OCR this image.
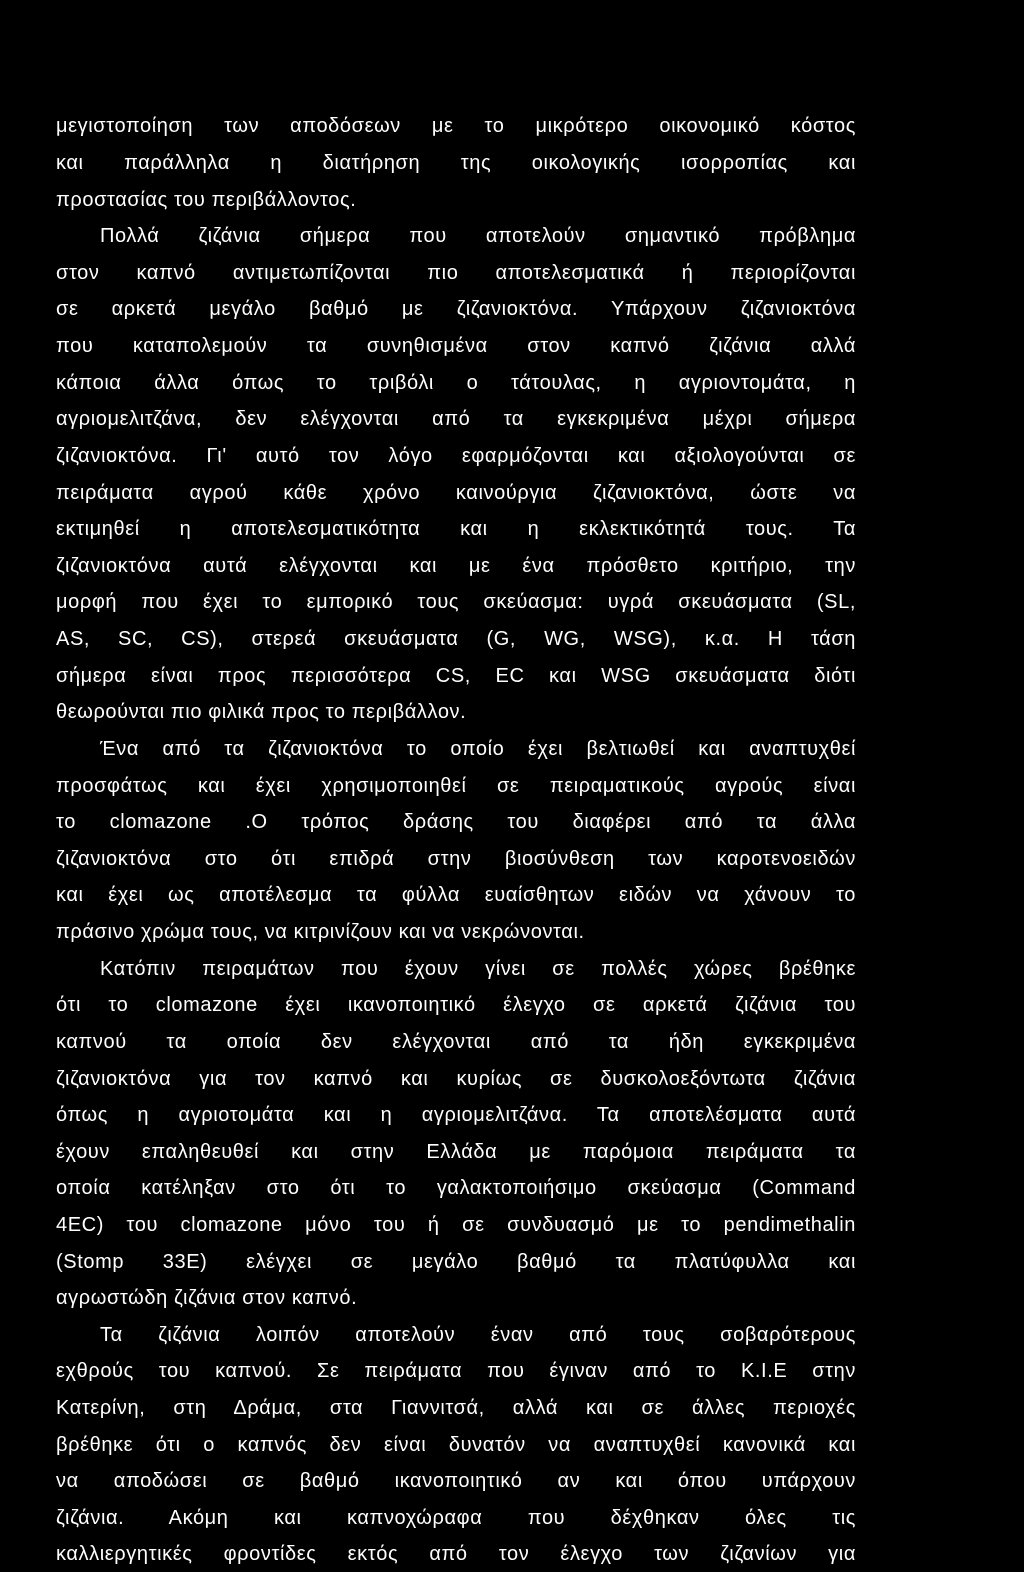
μεγιστοποίηση των αποδόσεων με το μικρότερο οικονομικό κόστος
και παράλληλα η διατήρηση της οικολογικής ισορροπίας και
προστασίας του περιβάλλοντος.
Πολλά ζιζάνια σήμερα που αποτελούν σημαντικό πρόβλημα
στον καπνό αντιμετωπίζονται πιο αποτελεσματικά ή περιορίζονται
σε αρκετά μεγάλο βαθμό με ζιζανιοκτόνα. Υπάρχουν ζιζανιοκτόνα
που καταπολεμούν τα συνηθισμένα στον καπνό ζιζάνια αλλά
κάποια άλλα όπως το τριβόλι ο τάτουλας, η αγριοντομάτα, η
αγριομελιτζάνα, δεν ελέγχονται από τα εγκεκριμένα μέχρι σήμερα
ζιζανιοκτόνα. Γι' αυτό τον λόγο εφαρμόζονται και αξιολογούνται σε
πειράματα αγρού κάθε χρόνο καινούργια ζιζανιοκτόνα, ώστε να
εκτιμηθεί η αποτελεσματικότητα και η εκλεκτικότητά τους. Τα
ζιζανιοκτόνα αυτά ελέγχονται και με ένα πρόσθετο κριτήριο, την
μορφή που έχει το εμπορικό τους σκεύασμα: υγρά σκευάσματα (SL,
AS, SC, CS), στερεά σκευάσματα (G, WG, WSG), κ.α. Η τάση
σήμερα είναι προς περισσότερα CS, EC και WSG σκευάσματα διότι
θεωρούνται πιο φιλικά προς το περιβάλλον.
Ένα από τα ζιζανιοκτόνα το οποίο έχει βελτιωθεί και αναπτυχθεί
προσφάτως και έχει χρησιμοποιηθεί σε πειραματικούς αγρούς είναι
το clomazone .Ο τρόπος δράσης του διαφέρει από τα άλλα
ζιζανιοκτόνα στο ότι επιδρά στην βιοσύνθεση των καροτενοειδών
και έχει ως αποτέλεσμα τα φύλλα ευαίσθητων ειδών να χάνουν το
πράσινο χρώμα τους, να κιτρινίζουν και να νεκρώνονται.
Κατόπιν πειραμάτων που έχουν γίνει σε πολλές χώρες βρέθηκε
ότι το clomazone έχει ικανοποιητικό έλεγχο σε αρκετά ζιζάνια του
καπνού τα οποία δεν ελέγχονται από τα ήδη εγκεκριμένα
ζιζανιοκτόνα για τον καπνό και κυρίως σε δυσκολοεξόντωτα ζιζάνια
όπως η αγριοτομάτα και η αγριομελιτζάνα. Τα αποτελέσματα αυτά
έχουν επαληθευθεί και στην Ελλάδα με παρόμοια πειράματα τα
οποία κατέληξαν στο ότι το γαλακτοποιήσιμο σκεύασμα (Command
4EC) του clomazone μόνο του ή σε συνδυασμό με το pendimethalin
(Stomp 33E) ελέγχει σε μεγάλο βαθμό τα πλατύφυλλα και
αγρωστώδη ζιζάνια στον καπνό.
Τα ζιζάνια λοιπόν αποτελούν έναν από τους σοβαρότερους
εχθρούς του καπνού. Σε πειράματα που έγιναν από το Κ.Ι.Ε στην
Κατερίνη, στη Δράμα, στα Γιαννιτσά, αλλά και σε άλλες περιοχές
βρέθηκε ότι ο καπνός δεν είναι δυνατόν να αναπτυχθεί κανονικά και
να αποδώσει σε βαθμό ικανοποιητικό αν και όπου υπάρχουν
ζιζάνια. Ακόμη και καπνοχώραφα που δέχθηκαν όλες τις
καλλιεργητικές φροντίδες εκτός από τον έλεγχο των ζιζανίων για
